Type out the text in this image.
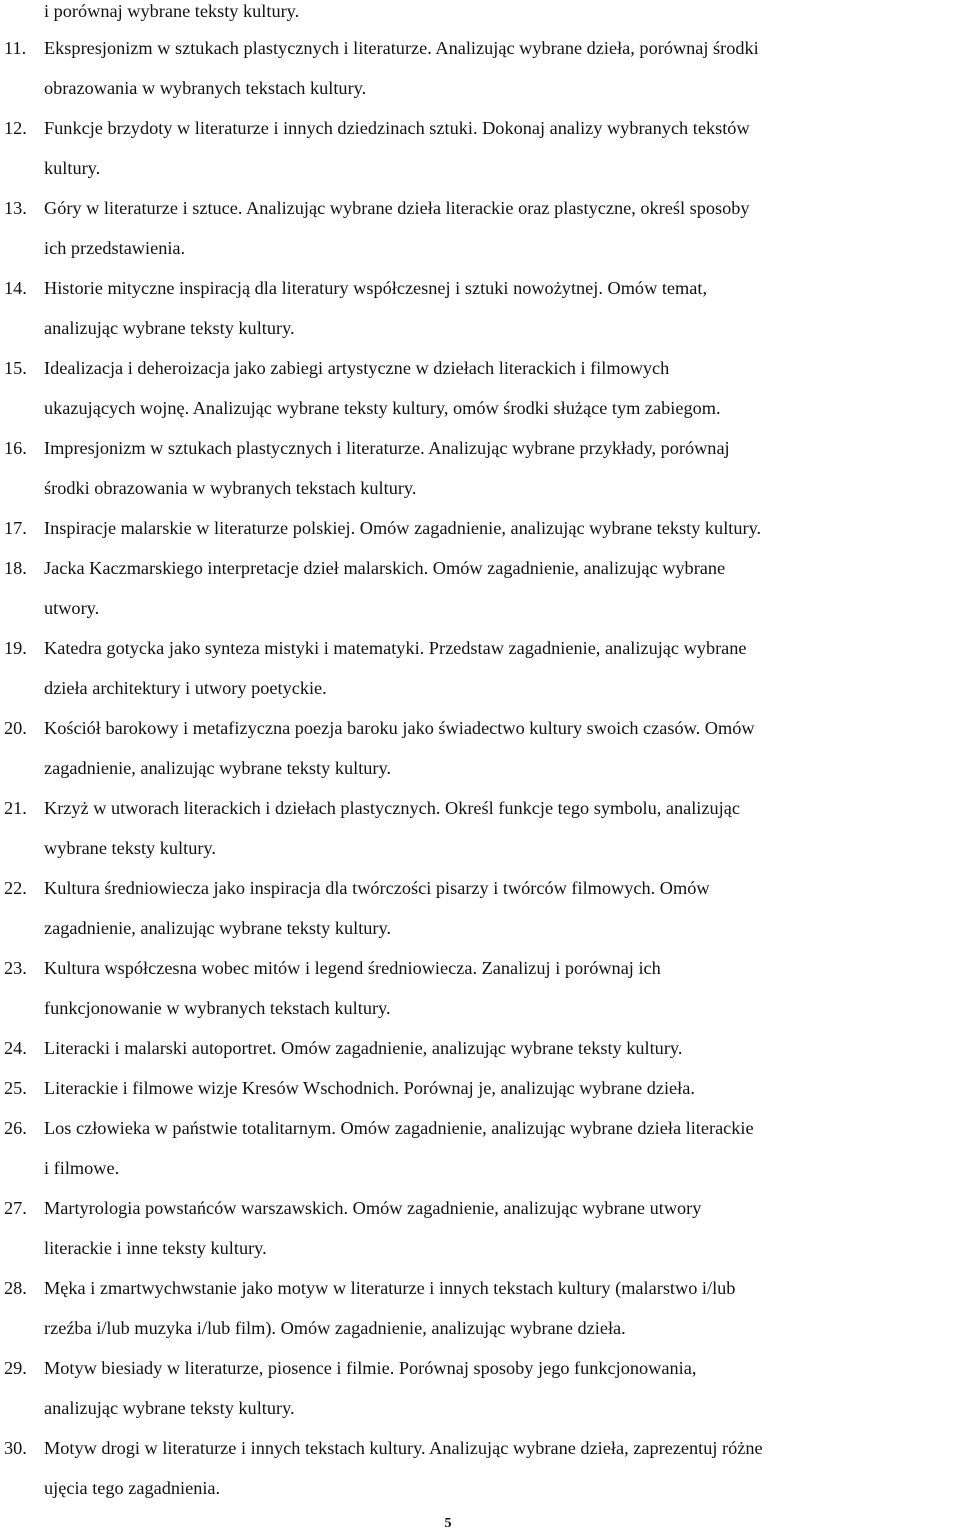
i porównaj wybrane teksty kultury.
11. Ekspresjonizm w sztukach plastycznych i literaturze. Analizując wybrane dzieła, porównaj środki
obrazowania w wybranych tekstach kultury.
12. Funkcje brzydoty w literaturze i innych dziedzinach sztuki. Dokonaj analizy wybranych tekstów
kultury.
13. Góry w literaturze i sztuce. Analizując wybrane dzieła literackie oraz plastyczne, określ sposoby
ich przedstawienia.
14. Historie mityczne inspiracją dla literatury współczesnej i sztuki nowożytnej. Omów temat,
analizując wybrane teksty kultury.
15. Idealizacja i deheroizacja jako zabiegi artystyczne w dziełach literackich i filmowych
ukazujących wojnę. Analizując wybrane teksty kultury, omów środki służące tym zabiegom.
16. Impresjonizm w sztukach plastycznych i literaturze. Analizując wybrane przykłady, porównaj
środki obrazowania w wybranych tekstach kultury.
17. Inspiracje malarskie w literaturze polskiej. Omów zagadnienie, analizując wybrane teksty kultury.
18. Jacka Kaczmarskiego interpretacje dzieł malarskich. Omów zagadnienie, analizując wybrane
utwory.
19. Katedra gotycka jako synteza mistyki i matematyki. Przedstaw zagadnienie, analizując wybrane
dzieła architektury i utwory poetyckie.
20. Kościół barokowy i metafizyczna poezja baroku jako świadectwo kultury swoich czasów. Omów
zagadnienie, analizując wybrane teksty kultury.
21. Krzyż w utworach literackich i dziełach plastycznych. Określ funkcje tego symbolu, analizując
wybrane teksty kultury.
22. Kultura średniowiecza jako inspiracja dla twórczości pisarzy i twórców filmowych. Omów
zagadnienie, analizując wybrane teksty kultury.
23. Kultura współczesna wobec mitów i legend średniowiecza. Zanalizuj i porównaj ich
funkcjonowanie w wybranych tekstach kultury.
24. Literacki i malarski autoportret. Omów zagadnienie, analizując wybrane teksty kultury.
25. Literackie i filmowe wizje Kresów Wschodnich. Porównaj je, analizując wybrane dzieła.
26. Los człowieka w państwie totalitarnym. Omów zagadnienie, analizując wybrane dzieła literackie
i filmowe.
27. Martyrologia powstańców warszawskich. Omów zagadnienie, analizując wybrane utwory
literackie i inne teksty kultury.
28. Męka i zmartwychwstanie jako motyw w literaturze i innych tekstach kultury (malarstwo i/lub
rzeźba i/lub muzyka i/lub film). Omów zagadnienie, analizując wybrane dzieła.
29. Motyw biesiady w literaturze, piosence i filmie. Porównaj sposoby jego funkcjonowania,
analizując wybrane teksty kultury.
30. Motyw drogi w literaturze i innych tekstach kultury. Analizując wybrane dzieła, zaprezentuj różne
ujęcia tego zagadnienia.
5
